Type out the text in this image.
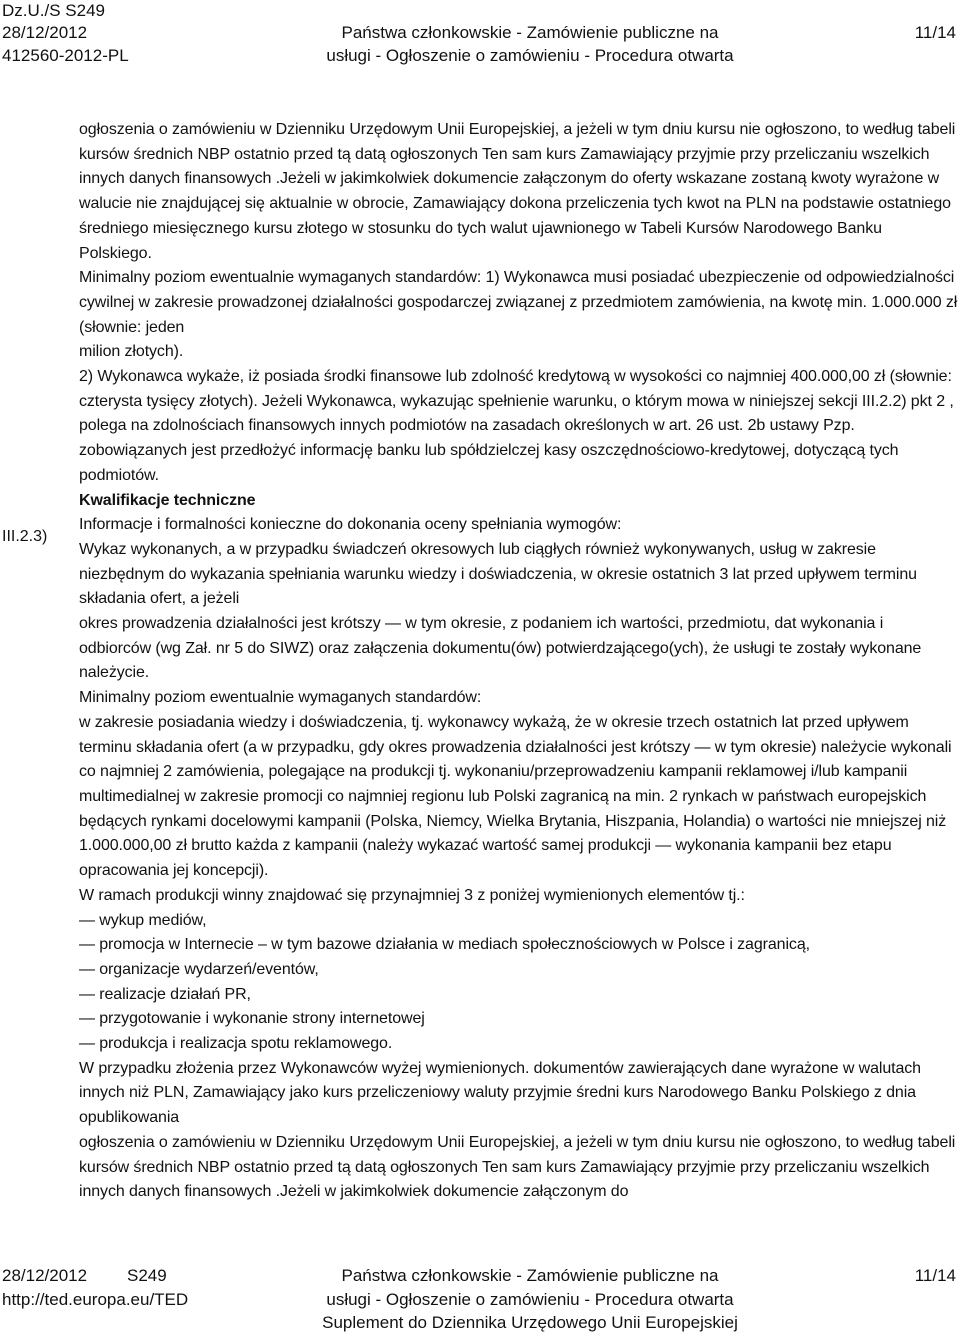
Dz.U./S S249
28/12/2012
412560-2012-PL
Państwa członkowskie - Zamówienie publiczne na
usługi - Ogłoszenie o zamówieniu - Procedura otwarta
11/14
III.2.3)

ogłoszenia o zamówieniu w Dzienniku Urzędowym Unii Europejskiej, a jeżeli w tym dniu kursu nie ogłoszono, to według tabeli kursów średnich NBP ostatnio przed tą datą ogłoszonych Ten sam kurs Zamawiający przyjmie przy przeliczaniu wszelkich innych danych finansowych .Jeżeli w jakimkolwiek dokumencie załączonym do oferty wskazane zostaną kwoty wyrażone w walucie nie znajdującej się aktualnie w obrocie, Zamawiający dokona przeliczenia tych kwot na PLN na podstawie ostatniego średniego miesięcznego kursu złotego w stosunku do tych walut ujawnionego w Tabeli Kursów Narodowego Banku Polskiego.

Minimalny poziom ewentualnie wymaganych standardów: 1) Wykonawca musi posiadać ubezpieczenie od odpowiedzialności cywilnej w zakresie prowadzonej działalności gospodarczej związanej z przedmiotem zamówienia, na kwotę min. 1.000.000 zł (słownie: jeden

milion złotych).

2) Wykonawca wykaże, iż posiada środki finansowe lub zdolność kredytową w wysokości co najmniej 400.000,00 zł (słownie: czterysta tysięcy złotych). Jeżeli Wykonawca, wykazując spełnienie warunku, o którym mowa w niniejszej sekcji III.2.2) pkt 2 ,

polega na zdolnościach finansowych innych podmiotów na zasadach określonych w art. 26 ust. 2b ustawy Pzp. zobowiązanych jest przedłożyć informację banku lub spółdzielczej kasy oszczędnościowo-kredytowej, dotyczącą tych podmiotów.

Kwalifikacje techniczne

Informacje i formalności konieczne do dokonania oceny spełniania wymogów:

Wykaz wykonanych, a w przypadku świadczeń okresowych lub ciągłych również wykonywanych, usług w zakresie niezbędnym do wykazania spełniania warunku wiedzy i doświadczenia, w okresie ostatnich 3 lat przed upływem terminu składania ofert, a jeżeli

okres prowadzenia działalności jest krótszy — w tym okresie, z podaniem ich wartości, przedmiotu, dat wykonania i odbiorców (wg Zał. nr 5 do SIWZ) oraz załączenia dokumentu(ów) potwierdzającego(ych), że usługi te zostały wykonane należycie.

Minimalny poziom ewentualnie wymaganych standardów:

w zakresie posiadania wiedzy i doświadczenia, tj. wykonawcy wykażą, że w okresie trzech ostatnich lat przed upływem terminu składania ofert (a w przypadku, gdy okres prowadzenia działalności jest krótszy — w tym okresie) należycie wykonali co najmniej 2 zamówienia, polegające na produkcji tj. wykonaniu/przeprowadzeniu kampanii reklamowej i/lub kampanii multimedialnej w zakresie promocji co najmniej regionu lub Polski zagranicą na min. 2 rynkach w państwach europejskich będących rynkami docelowymi kampanii (Polska, Niemcy, Wielka Brytania, Hiszpania, Holandia) o wartości nie mniejszej niż 1.000.000,00 zł brutto każda z kampanii (należy wykazać wartość samej produkcji — wykonania kampanii bez etapu opracowania jej koncepcji).

W ramach produkcji winny znajdować się przynajmniej 3 z poniżej wymienionych elementów tj.:

— wykup mediów,

— promocja w Internecie – w tym bazowe działania w mediach społecznościowych w Polsce i zagranicą,

— organizacje wydarzeń/eventów,

— realizacje działań PR,

— przygotowanie i wykonanie strony internetowej

— produkcja i realizacja spotu reklamowego.

W przypadku złożenia przez Wykonawców wyżej wymienionych. dokumentów zawierających dane wyrażone w walutach innych niż PLN, Zamawiający jako kurs przeliczeniowy waluty przyjmie średni kurs Narodowego Banku Polskiego z dnia opublikowania

ogłoszenia o zamówieniu w Dzienniku Urzędowym Unii Europejskiej, a jeżeli w tym dniu kursu nie ogłoszono, to według tabeli kursów średnich NBP ostatnio przed tą datą ogłoszonych Ten sam kurs Zamawiający przyjmie przy przeliczaniu wszelkich innych danych finansowych .Jeżeli w jakimkolwiek dokumencie załączonym do

28/12/2012 S249
http://ted.europa.eu/TED
Państwa członkowskie - Zamówienie publiczne na
usługi - Ogłoszenie o zamówieniu - Procedura otwarta
Suplement do Dziennika Urzędowego Unii Europejskiej
11/14
